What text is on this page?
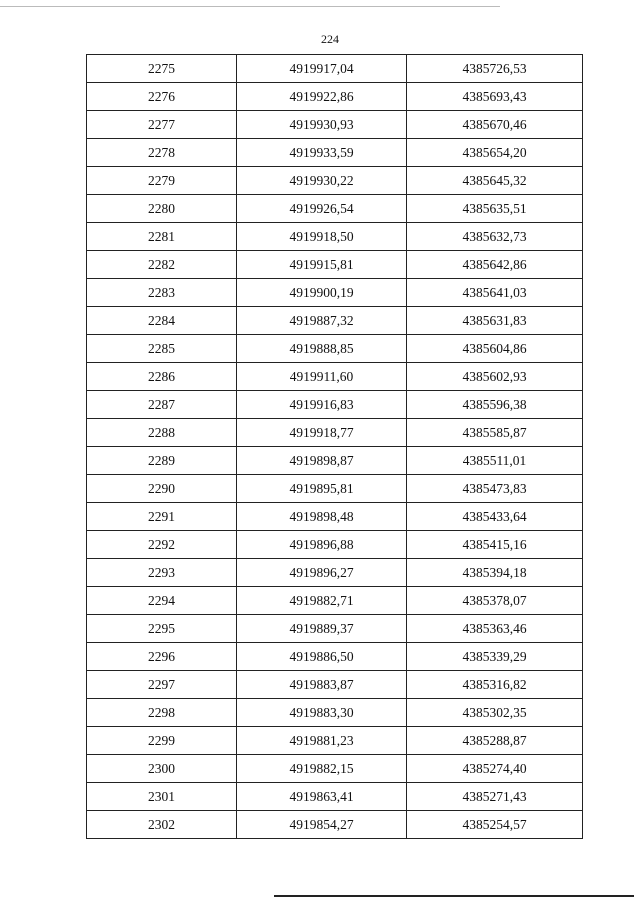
224
2275	4919917,04	4385726,53
2276	4919922,86	4385693,43
2277	4919930,93	4385670,46
2278	4919933,59	4385654,20
2279	4919930,22	4385645,32
2280	4919926,54	4385635,51
2281	4919918,50	4385632,73
2282	4919915,81	4385642,86
2283	4919900,19	4385641,03
2284	4919887,32	4385631,83
2285	4919888,85	4385604,86
2286	4919911,60	4385602,93
2287	4919916,83	4385596,38
2288	4919918,77	4385585,87
2289	4919898,87	4385511,01
2290	4919895,81	4385473,83
2291	4919898,48	4385433,64
2292	4919896,88	4385415,16
2293	4919896,27	4385394,18
2294	4919882,71	4385378,07
2295	4919889,37	4385363,46
2296	4919886,50	4385339,29
2297	4919883,87	4385316,82
2298	4919883,30	4385302,35
2299	4919881,23	4385288,87
2300	4919882,15	4385274,40
2301	4919863,41	4385271,43
2302	4919854,27	4385254,57
